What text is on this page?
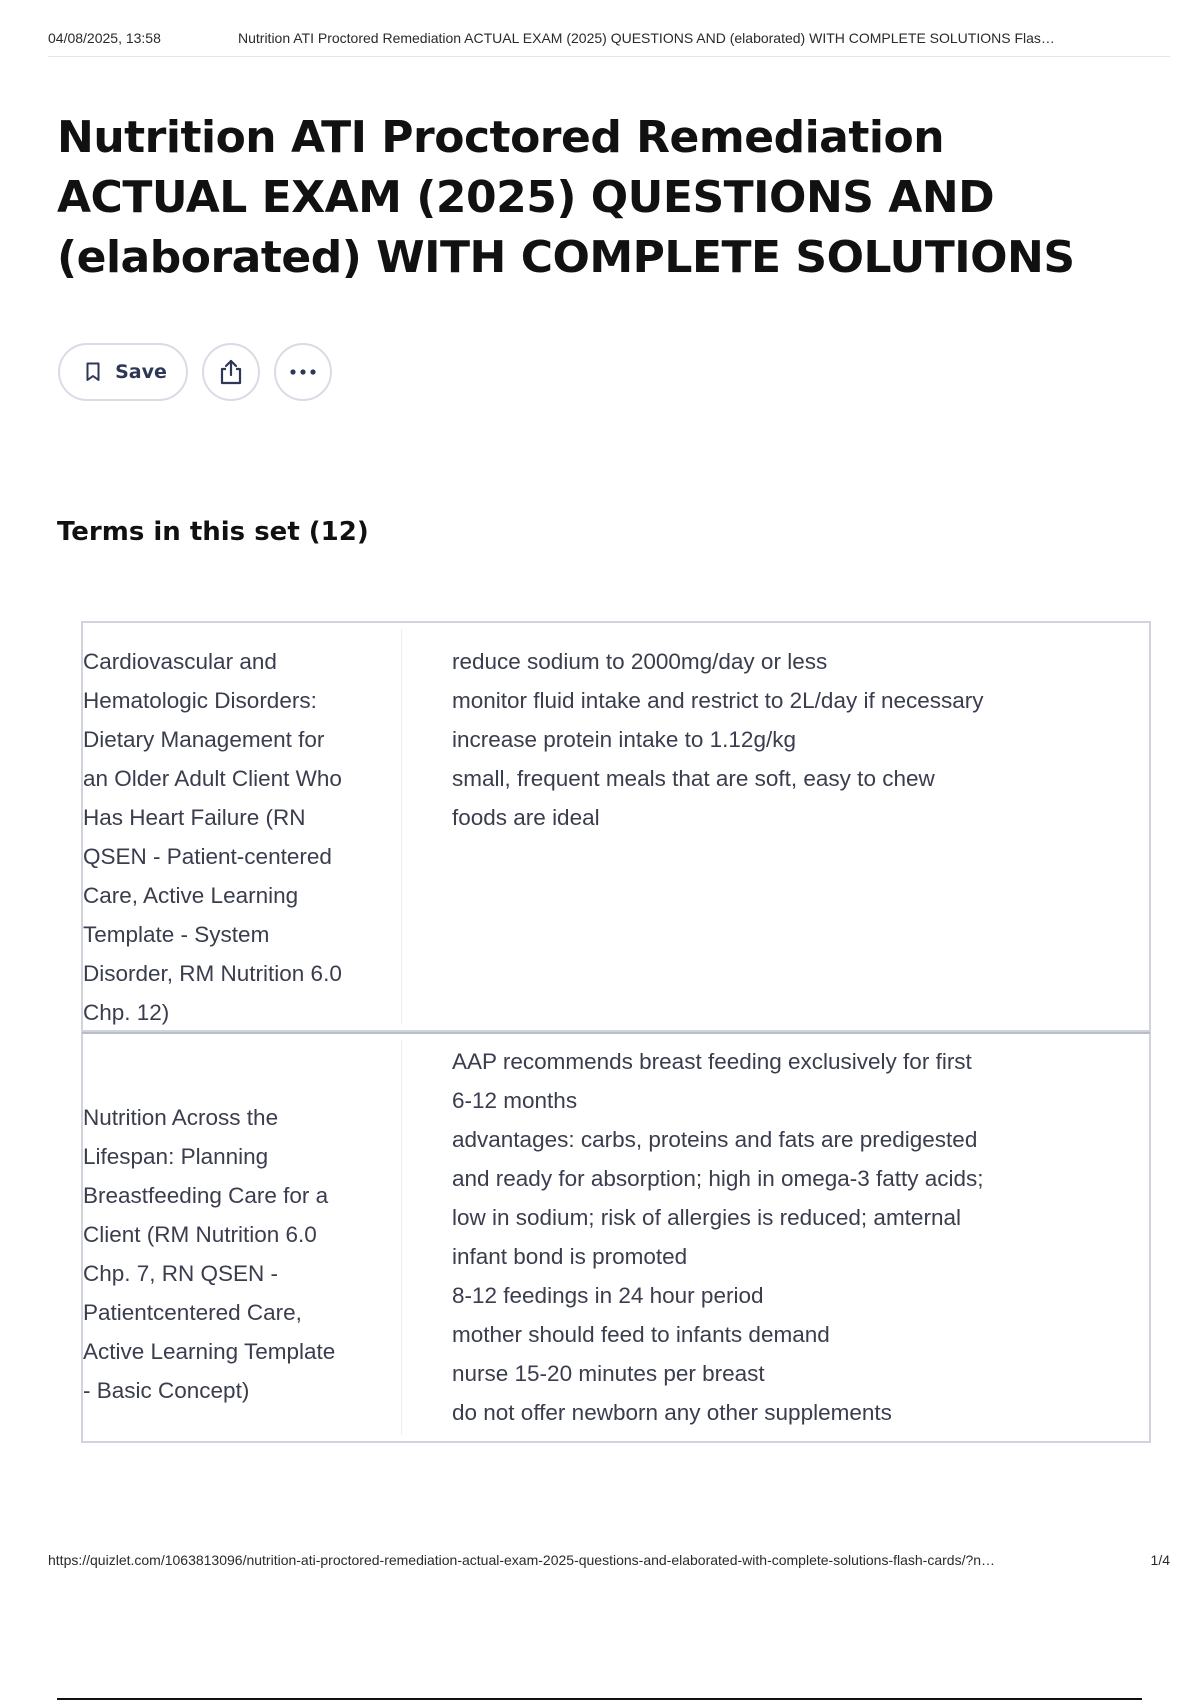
04/08/2025, 13:58	Nutrition ATI Proctored Remediation ACTUAL EXAM (2025) QUESTIONS AND (elaborated) WITH COMPLETE SOLUTIONS Flas…
Nutrition ATI Proctored Remediation ACTUAL EXAM (2025) QUESTIONS AND (elaborated) WITH COMPLETE SOLUTIONS
Save
Terms in this set (12)
Cardiovascular and
Hematologic Disorders:
Dietary Management for
an Older Adult Client Who
Has Heart Failure (RN
QSEN - Patient-centered
Care, Active Learning
Template - System
Disorder, RM Nutrition 6.0
Chp. 12)
reduce sodium to 2000mg/day or less
monitor fluid intake and restrict to 2L/day if necessary
increase protein intake to 1.12g/kg
small, frequent meals that are soft, easy to chew
foods are ideal
Nutrition Across the
Lifespan: Planning
Breastfeeding Care for a
Client (RM Nutrition 6.0
Chp. 7, RN QSEN -
Patientcentered Care,
Active Learning Template
- Basic Concept)
AAP recommends breast feeding exclusively for first
6-12 months
advantages: carbs, proteins and fats are predigested
and ready for absorption; high in omega-3 fatty acids;
low in sodium; risk of allergies is reduced; amternal
infant bond is promoted
8-12 feedings in 24 hour period
mother should feed to infants demand
nurse 15-20 minutes per breast
do not offer newborn any other supplements
https://quizlet.com/1063813096/nutrition-ati-proctored-remediation-actual-exam-2025-questions-and-elaborated-with-complete-solutions-flash-cards/?n…	1/4
